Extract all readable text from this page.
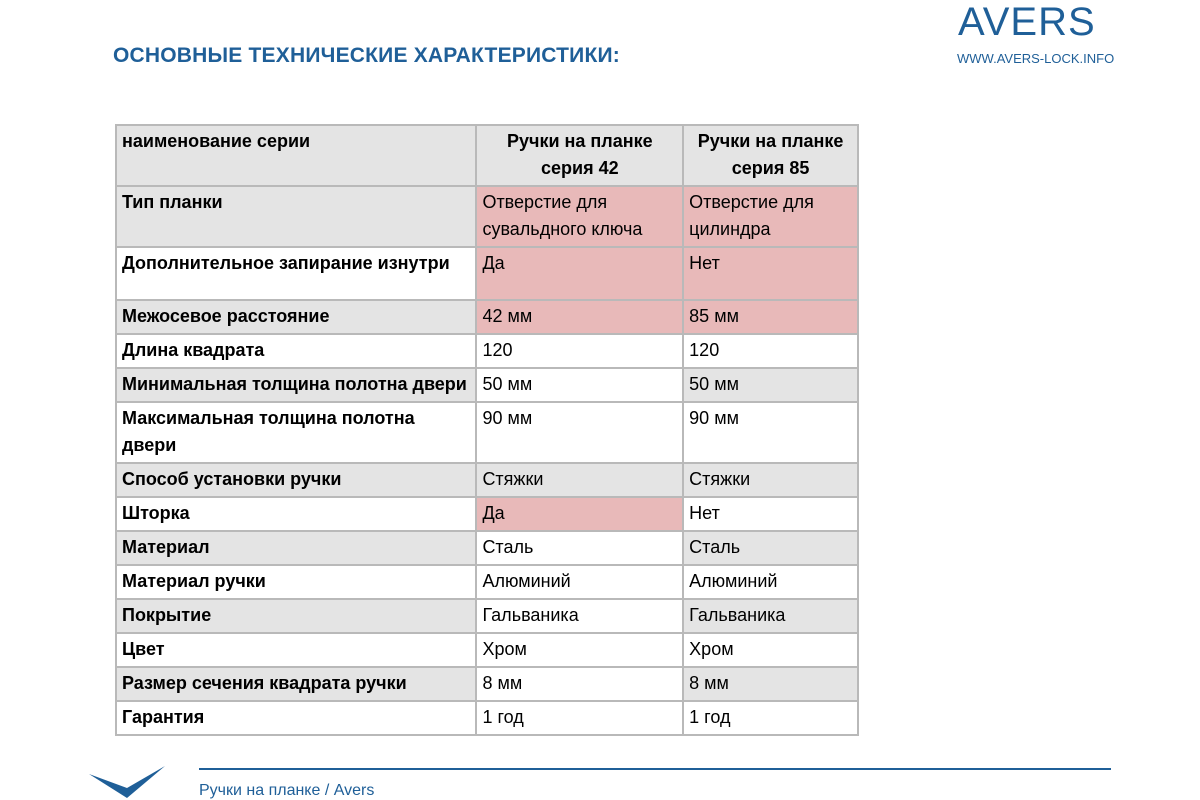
ОСНОВНЫЕ ТЕХНИЧЕСКИЕ ХАРАКТЕРИСТИКИ:
AVERS
WWW.AVERS-LOCK.INFO
наименование серии	Ручки на планке серия 42	Ручки на планке серия 85
Тип планки	Отверстие для сувальдного ключа	Отверстие для цилиндра
Дополнительное запирание изнутри	Да	Нет
Межосевое расстояние	42 мм	85 мм
Длина квадрата	120	120
Минимальная толщина полотна двери	50 мм	50 мм
Максимальная толщина полотна двери	90 мм	90 мм
Способ установки ручки	Стяжки	Стяжки
Шторка	Да	Нет
Материал	Сталь	Сталь
Материал ручки	Алюминий	Алюминий
Покрытие	Гальваника	Гальваника
Цвет	Хром	Хром
Размер сечения квадрата ручки	8 мм	8 мм
Гарантия	1 год	1 год
Ручки на планке / Avers
